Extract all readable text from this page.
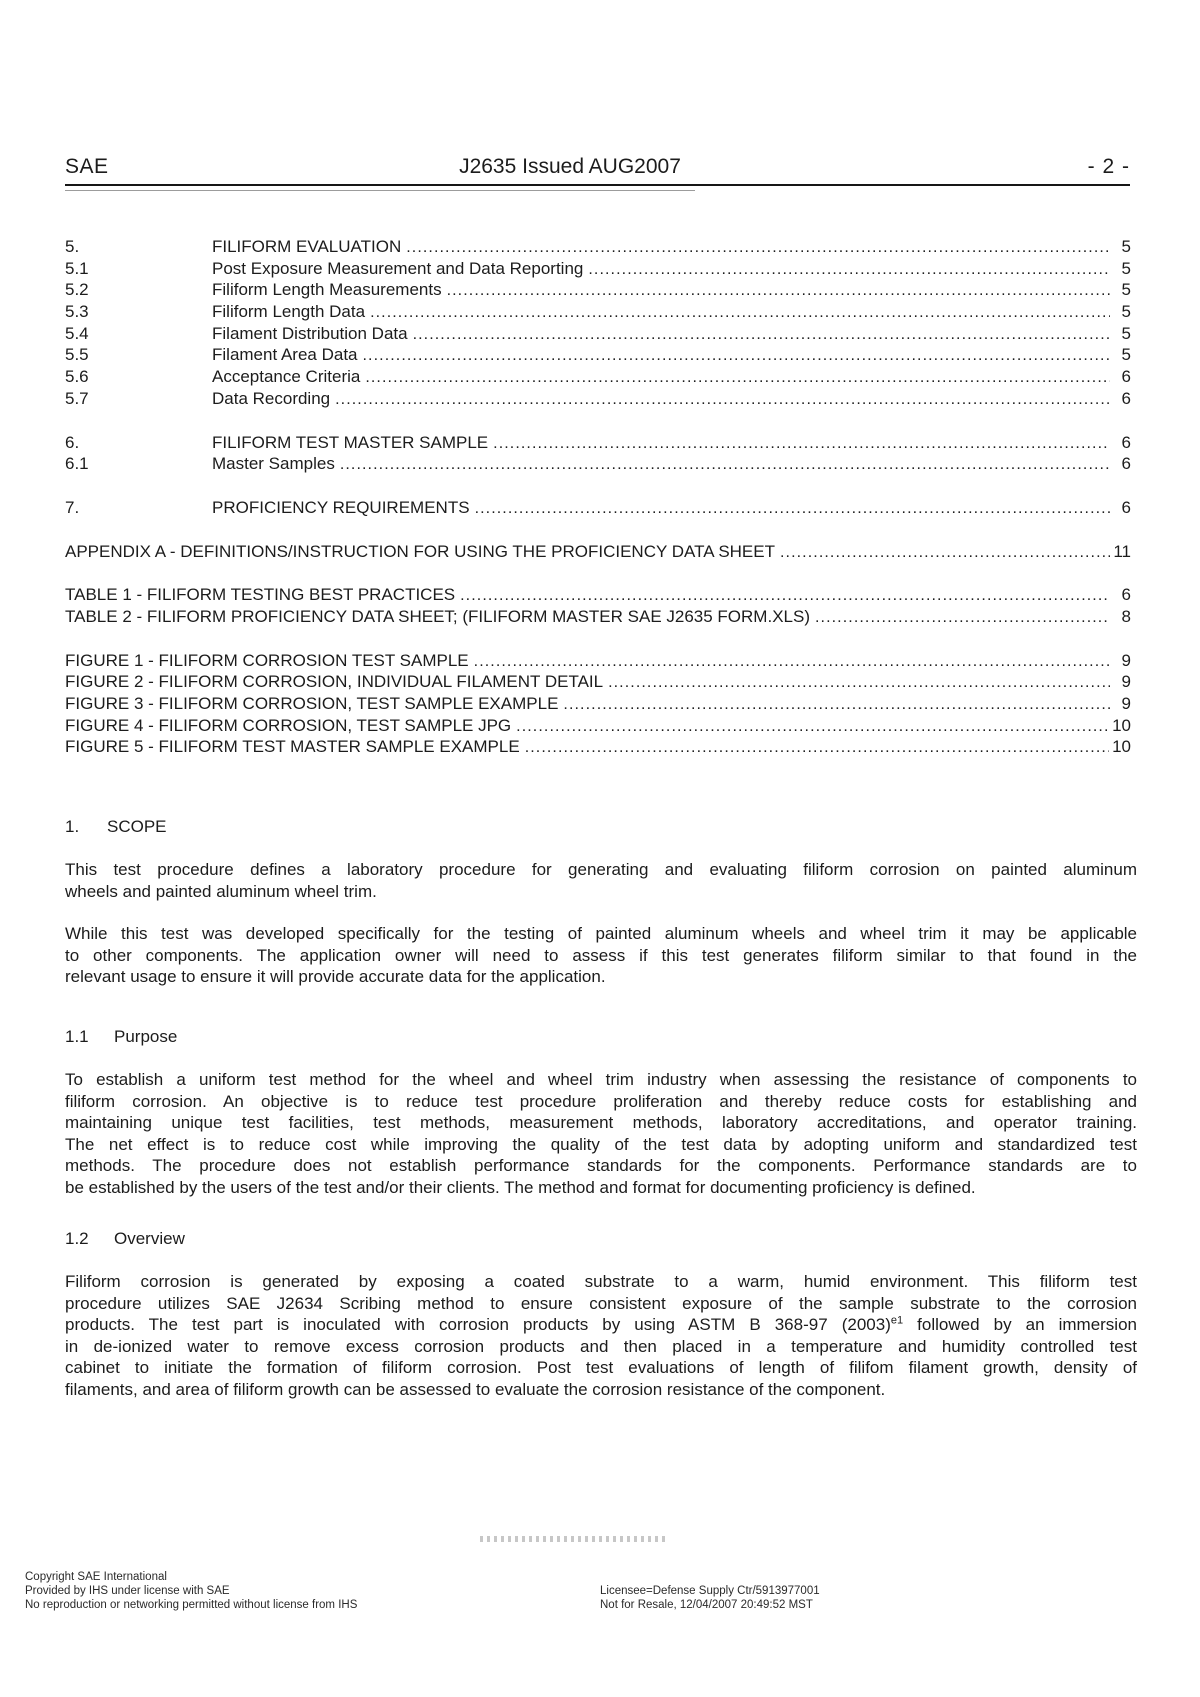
SAE	J2635 Issued AUG2007	- 2 -
5.	FILIFORM EVALUATION .....	5
5.1	Post Exposure Measurement and Data Reporting .....	5
5.2	Filiform Length Measurements .....	5
5.3	Filiform Length Data .....	5
5.4	Filament Distribution Data .....	5
5.5	Filament Area Data .....	5
5.6	Acceptance Criteria .....	6
5.7	Data Recording .....	6
6.	FILIFORM TEST MASTER SAMPLE .....	6
6.1	Master Samples .....	6
7.	PROFICIENCY REQUIREMENTS .....	6
APPENDIX A - DEFINITIONS/INSTRUCTION FOR USING THE PROFICIENCY DATA SHEET .....	11
TABLE 1 - FILIFORM TESTING BEST PRACTICES .....	6
TABLE 2 - FILIFORM PROFICIENCY DATA SHEET; (FILIFORM MASTER SAE J2635 FORM.XLS) .....	8
FIGURE 1 - FILIFORM CORROSION TEST SAMPLE .....	9
FIGURE 2 - FILIFORM CORROSION, INDIVIDUAL FILAMENT DETAIL .....	9
FIGURE 3 - FILIFORM CORROSION, TEST SAMPLE EXAMPLE .....	9
FIGURE 4 - FILIFORM CORROSION, TEST SAMPLE JPG .....	10
FIGURE 5 - FILIFORM TEST MASTER SAMPLE EXAMPLE .....	10
1.	SCOPE
This test procedure defines a laboratory procedure for generating and evaluating filiform corrosion on painted aluminum
wheels and painted aluminum wheel trim.
While this test was developed specifically for the testing of painted aluminum wheels and wheel trim it may be applicable
to other components. The application owner will need to assess if this test generates filiform similar to that found in the
relevant usage to ensure it will provide accurate data for the application.
1.1	Purpose
To establish a uniform test method for the wheel and wheel trim industry when assessing the resistance of components to
filiform corrosion. An objective is to reduce test procedure proliferation and thereby reduce costs for establishing and
maintaining unique test facilities, test methods, measurement methods, laboratory accreditations, and operator training.
The net effect is to reduce cost while improving the quality of the test data by adopting uniform and standardized test
methods. The procedure does not establish performance standards for the components. Performance standards are to
be established by the users of the test and/or their clients. The method and format for documenting proficiency is defined.
1.2	Overview
Filiform corrosion is generated by exposing a coated substrate to a warm, humid environment. This filiform test
procedure utilizes SAE J2634 Scribing method to ensure consistent exposure of the sample substrate to the corrosion
products. The test part is inoculated with corrosion products by using ASTM B 368-97 $(2003)^{e1}$ followed by an immersion
in de-ionized water to remove excess corrosion products and then placed in a temperature and humidity controlled test
cabinet to initiate the formation of filiform corrosion. Post test evaluations of length of filifom filament growth, density of
filaments, and area of filiform growth can be assessed to evaluate the corrosion resistance of the component.
Copyright SAE International
Provided by IHS under license with SAE
No reproduction or networking permitted without license from IHS
Licensee=Defense Supply Ctr/5913977001
Not for Resale, 12/04/2007 20:49:52 MST
